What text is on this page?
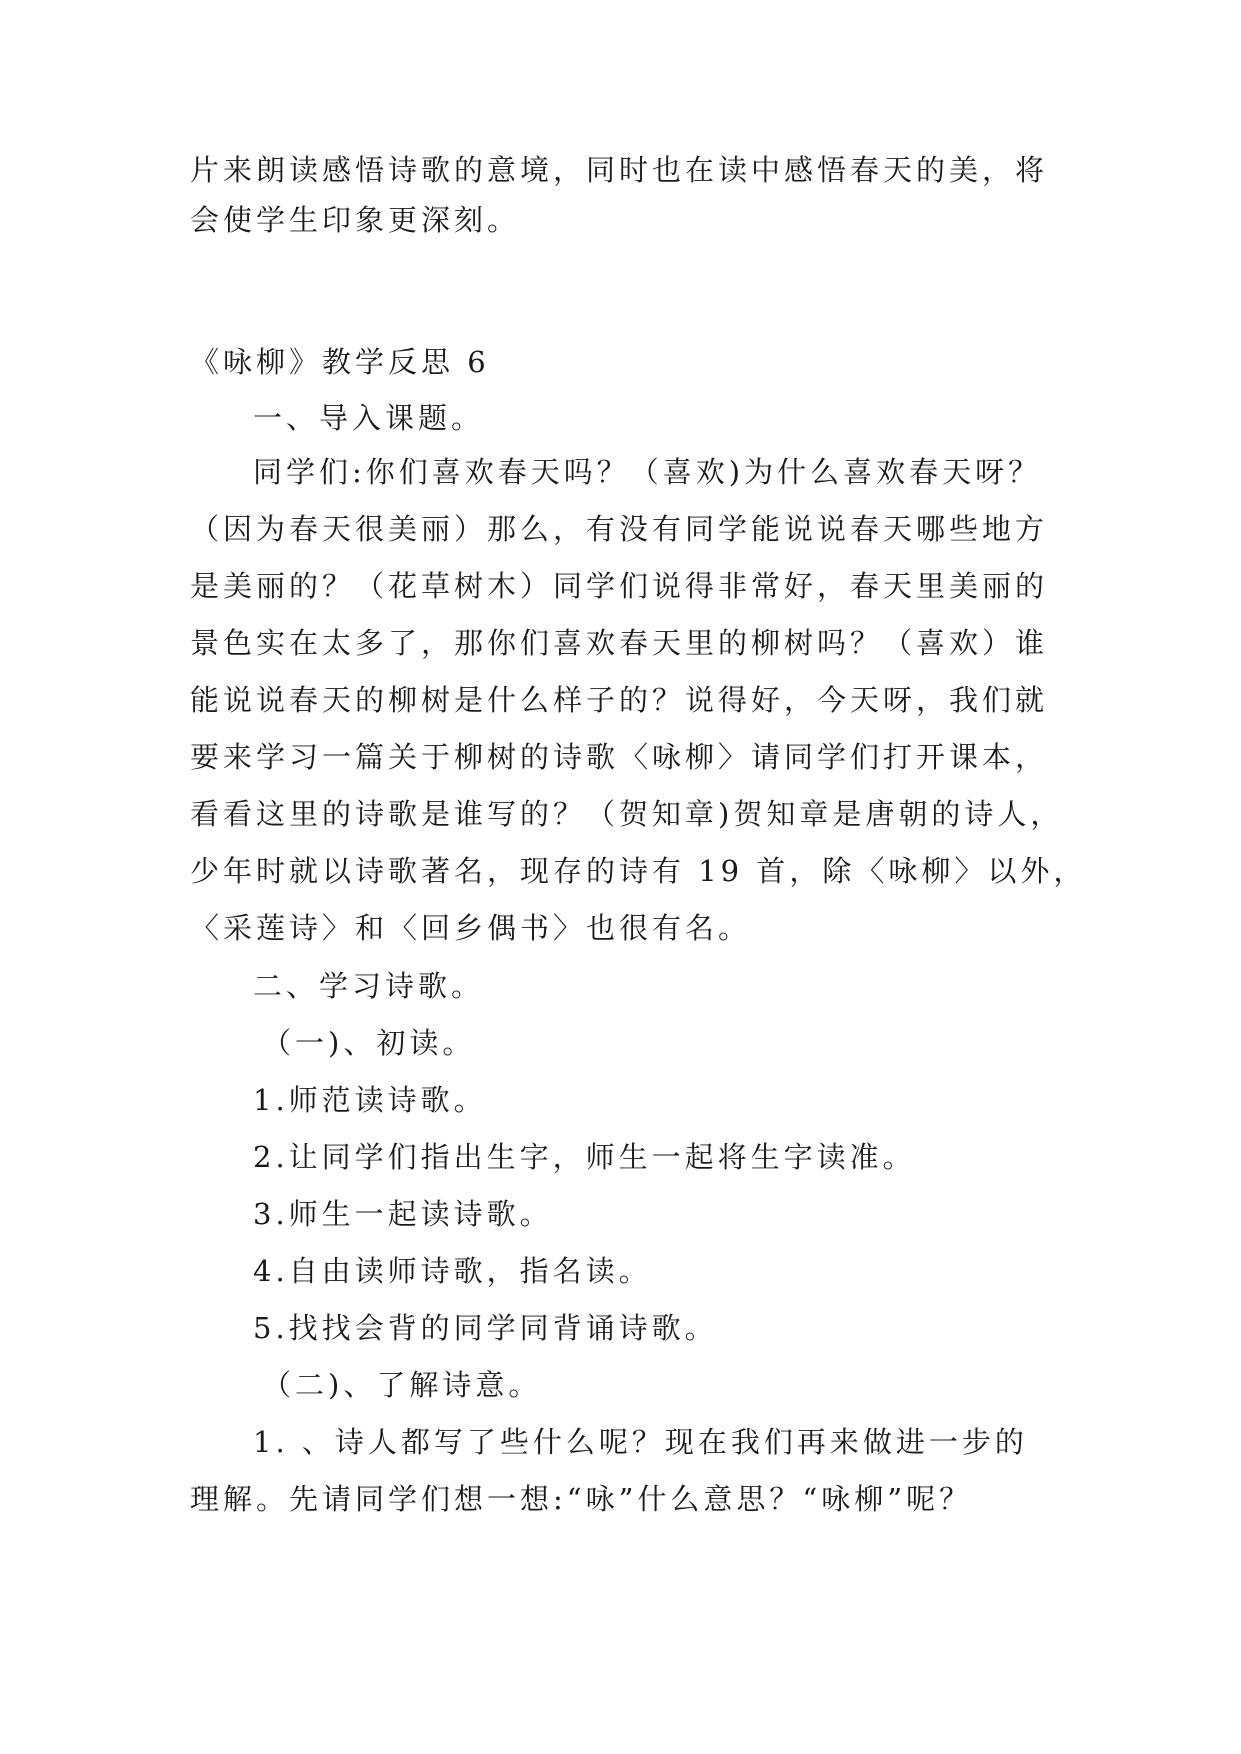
片来朗读感悟诗歌的意境，同时也在读中感悟春天的美，将

会使学生印象更深刻。

《咏柳》教学反思 6

一、导入课题。

同学们:你们喜欢春天吗？（喜欢)为什么喜欢春天呀？

（因为春天很美丽）那么，有没有同学能说说春天哪些地方

是美丽的？（花草树木）同学们说得非常好，春天里美丽的

景色实在太多了，那你们喜欢春天里的柳树吗？（喜欢）谁

能说说春天的柳树是什么样子的？说得好，今天呀，我们就

要来学习一篇关于柳树的诗歌〈咏柳〉请同学们打开课本，

看看这里的诗歌是谁写的？（贺知章)贺知章是唐朝的诗人，

少年时就以诗歌著名，现存的诗有 19 首，除〈咏柳〉以外，

〈采莲诗〉和〈回乡偶书〉也很有名。

二、学习诗歌。

（一)、初读。

1.师范读诗歌。

2.让同学们指出生字，师生一起将生字读准。

3.师生一起读诗歌。

4.自由读师诗歌，指名读。

5.找找会背的同学同背诵诗歌。

（二)、了解诗意。

1. 、诗人都写了些什么呢？现在我们再来做进一步的

理解。先请同学们想一想:“咏”什么意思？“咏柳”呢？
